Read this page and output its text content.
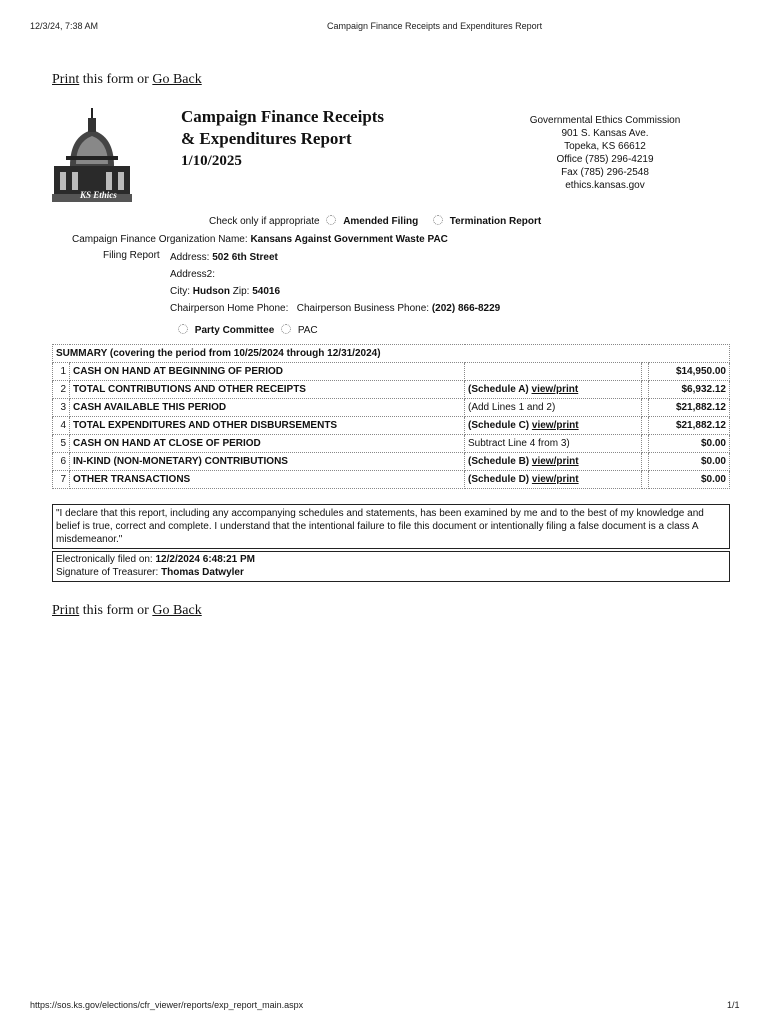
12/3/24, 7:38 AM	Campaign Finance Receipts and Expenditures Report
Print this form or Go Back
KS Ethics
Campaign Finance Receipts
& Expenditures Report
1/10/2025
Governmental Ethics Commission
901 S. Kansas Ave.
Topeka, KS 66612
Office (785) 296-4219
Fax (785) 296-2548
ethics.kansas.gov
Check only if appropriate Amended Filing	Termination Report
Campaign Finance Organization Name: Kansans Against Government Waste PAC
Filing Report Address: 502 6th Street
Address2:
City: Hudson Zip: 54016
Chairperson Home Phone: Chairperson Business Phone: (202) 866-8229
Party Committee PAC
SUMMARY (covering the period from 10/25/2024 through 12/31/2024)				
1	CASH ON HAND AT BEGINNING OF PERIOD			$14,950.00
2	TOTAL CONTRIBUTIONS AND OTHER RECEIPTS	(Schedule A) view/print		$6,932.12
3	CASH AVAILABLE THIS PERIOD	(Add Lines 1 and 2)		$21,882.12
4	TOTAL EXPENDITURES AND OTHER DISBURSEMENTS	(Schedule C) view/print		$21,882.12
5	CASH ON HAND AT CLOSE OF PERIOD	Subtract Line 4 from 3)		$0.00
6	IN-KIND (NON-MONETARY) CONTRIBUTIONS	(Schedule B) view/print		$0.00
7	OTHER TRANSACTIONS	(Schedule D) view/print		$0.00
"I declare that this report, including any accompanying schedules and statements, has been examined by me and to the best of my knowledge and belief is true, correct and complete. I understand that the intentional failure to file this document or intentionally filing a false document is a class A misdemeanor."
Electronically filed on: 12/2/2024 6:48:21 PM
Signature of Treasurer: Thomas Datwyler
Print this form or Go Back
https://sos.ks.gov/elections/cfr_viewer/reports/exp_report_main.aspx	1/1
